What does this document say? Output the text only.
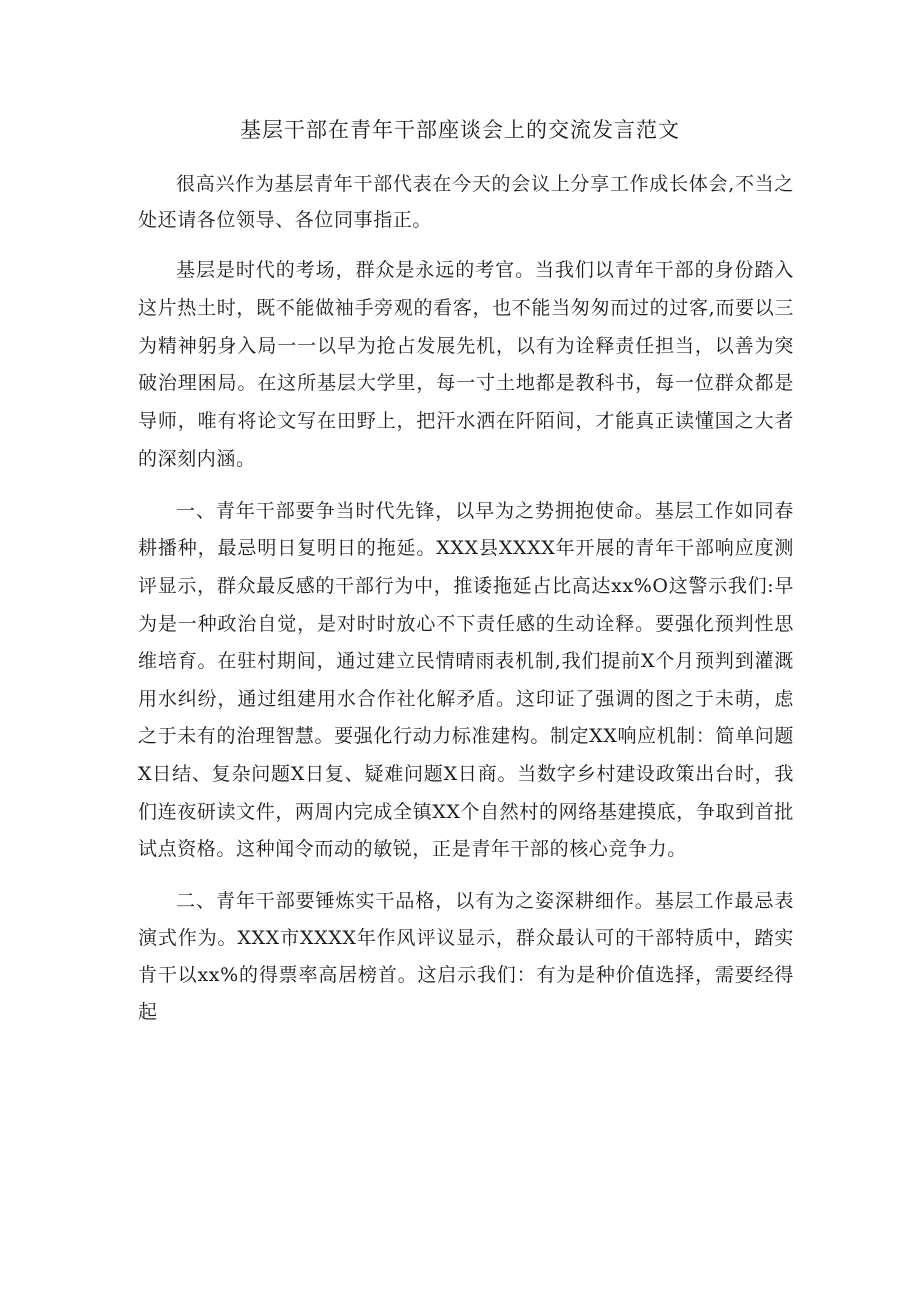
基层干部在青年干部座谈会上的交流发言范文

很高兴作为基层青年干部代表在今天的会议上分享工作成长体会,不当之处还请各位领导、各位同事指正。

基层是时代的考场，群众是永远的考官。当我们以青年干部的身份踏入这片热土时，既不能做袖手旁观的看客，也不能当匆匆而过的过客,而要以三为精神躬身入局一一以早为抢占发展先机，以有为诠释责任担当，以善为突破治理困局。在这所基层大学里，每一寸土地都是教科书，每一位群众都是导师，唯有将论文写在田野上，把汗水洒在阡陌间，才能真正读懂国之大者的深刻内涵。

一、青年干部要争当时代先锋，以早为之势拥抱使命。基层工作如同春耕播种，最忌明日复明日的拖延。XXX县XXXX年开展的青年干部响应度测评显示，群众最反感的干部行为中，推诿拖延占比高达xx%O这警示我们:早为是一种政治自觉，是对时时放心不下责任感的生动诠释。要强化预判性思维培育。在驻村期间，通过建立民情晴雨表机制,我们提前X个月预判到灌溉用水纠纷，通过组建用水合作社化解矛盾。这印证了强调的图之于未萌，虑之于未有的治理智慧。要强化行动力标准建构。制定XX响应机制：简单问题X日结、复杂问题X日复、疑难问题X日商。当数字乡村建设政策出台时，我们连夜研读文件，两周内完成全镇XX个自然村的网络基建摸底，争取到首批试点资格。这种闻令而动的敏锐，正是青年干部的核心竞争力。

二、青年干部要锤炼实干品格，以有为之姿深耕细作。基层工作最忌表演式作为。XXX市XXXX年作风评议显示，群众最认可的干部特质中，踏实肯干以xx%的得票率高居榜首。这启示我们：有为是种价值选择，需要经得起
